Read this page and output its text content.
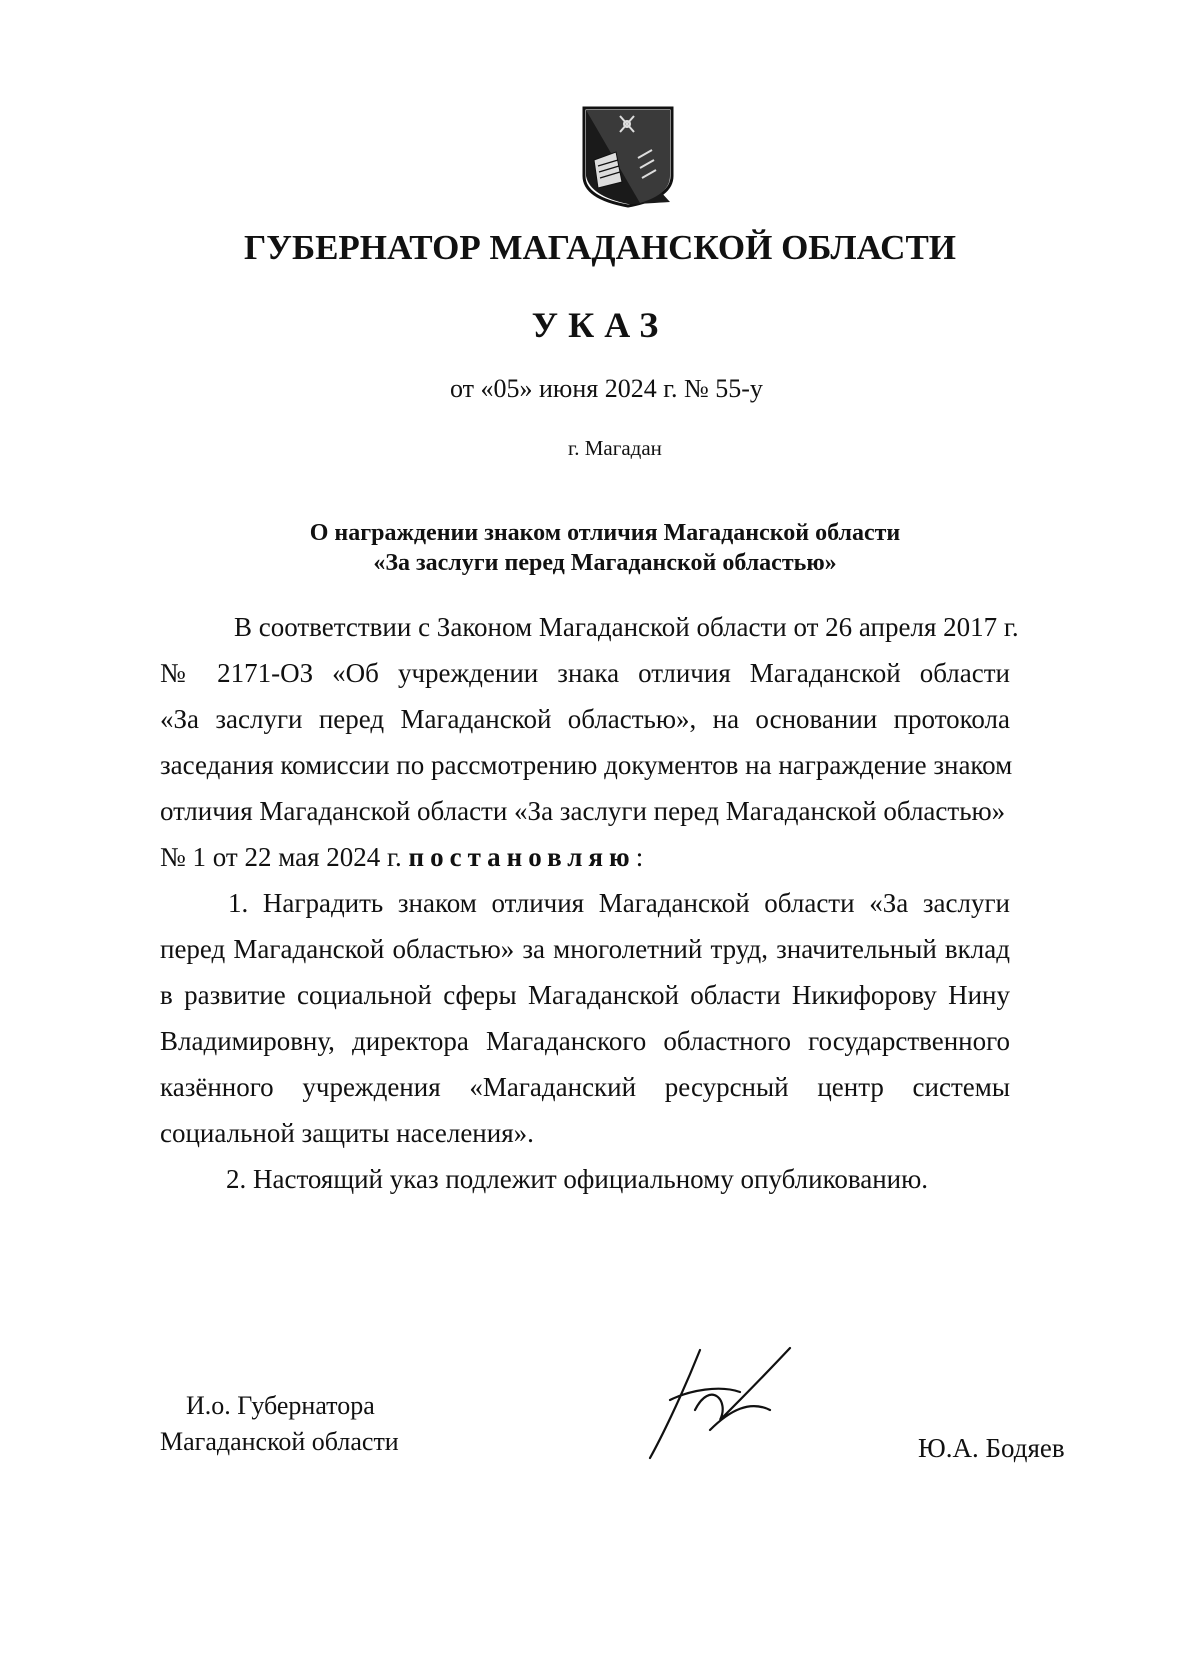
ГУБЕРНАТОР МАГАДАНСКОЙ ОБЛАСТИ
УКАЗ
от «05» июня 2024 г. № 55-у
г. Магадан
О награждении знаком отличия Магаданской области
«За заслуги перед Магаданской областью»
В соответствии с Законом Магаданской области от 26 апреля 2017 г.
№ 2171-ОЗ «Об учреждении знака отличия Магаданской области
«За заслуги перед Магаданской областью», на основании протокола
заседания комиссии по рассмотрению документов на награждение знаком
отличия Магаданской области «За заслуги перед Магаданской областью»
№ 1 от 22 мая 2024 г. постановляю:
1. Наградить знаком отличия Магаданской области «За заслуги
перед Магаданской областью» за многолетний труд, значительный вклад
в развитие социальной сферы Магаданской области Никифорову Нину
Владимировну, директора Магаданского областного государственного
казённого учреждения «Магаданский ресурсный центр системы
социальной защиты населения».
2. Настоящий указ подлежит официальному опубликованию.
И.о. Губернатора
Магаданской области	Ю.А. Бодяев
